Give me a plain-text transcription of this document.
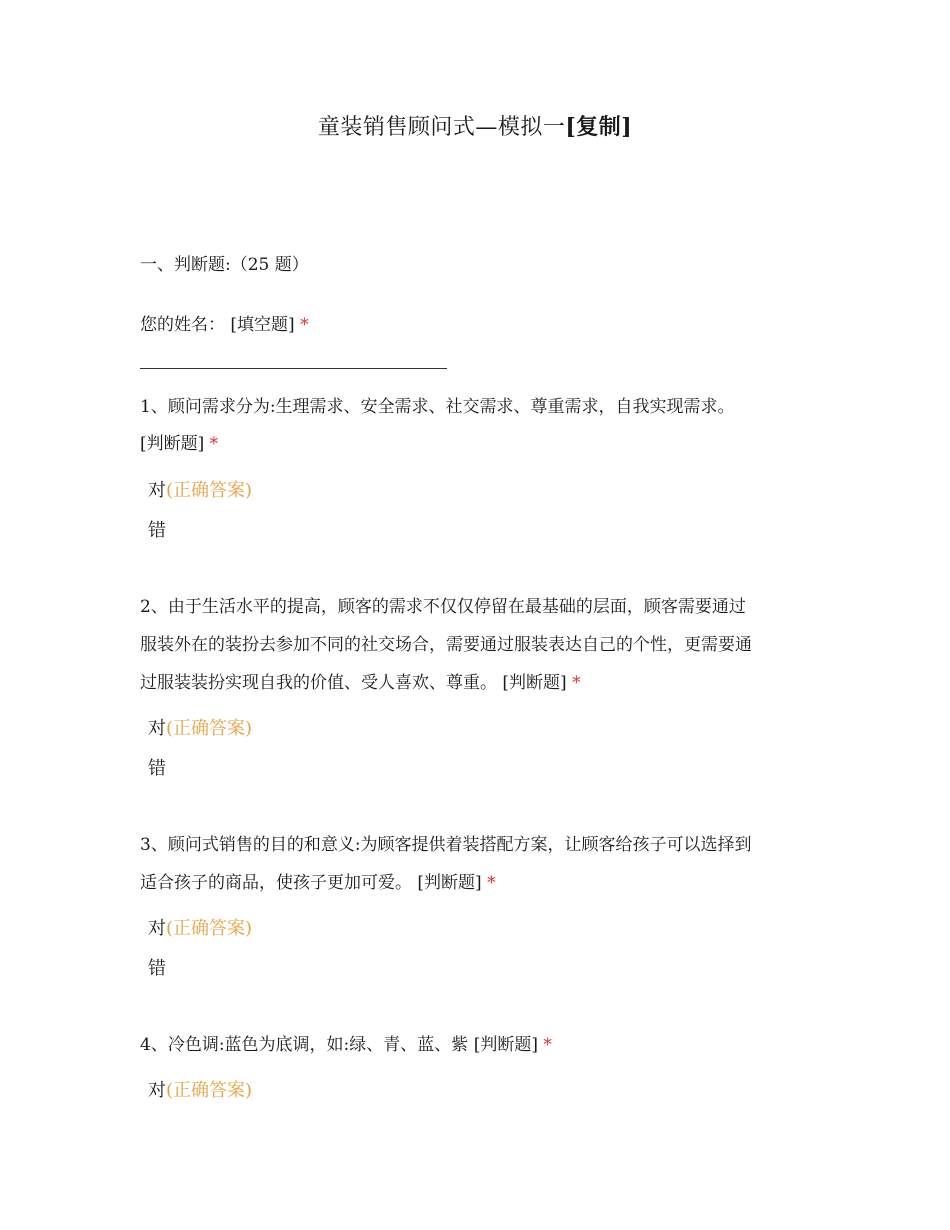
童装销售顾问式—模拟一[复制]
一、判断题:（25 题）
您的姓名： [填空题] *
1、顾问需求分为:生理需求、安全需求、社交需求、尊重需求，自我实现需求。
[判断题] *
对(正确答案)
错
2、由于生活水平的提高，顾客的需求不仅仅停留在最基础的层面，顾客需要通过
服装外在的装扮去参加不同的社交场合，需要通过服装表达自己的个性，更需要通
过服装装扮实现自我的价值、受人喜欢、尊重。 [判断题] *
对(正确答案)
错
3、顾问式销售的目的和意义:为顾客提供着装搭配方案，让顾客给孩子可以选择到
适合孩子的商品，使孩子更加可爱。 [判断题] *
对(正确答案)
错
4、冷色调:蓝色为底调，如:绿、青、蓝、紫 [判断题] *
对(正确答案)
